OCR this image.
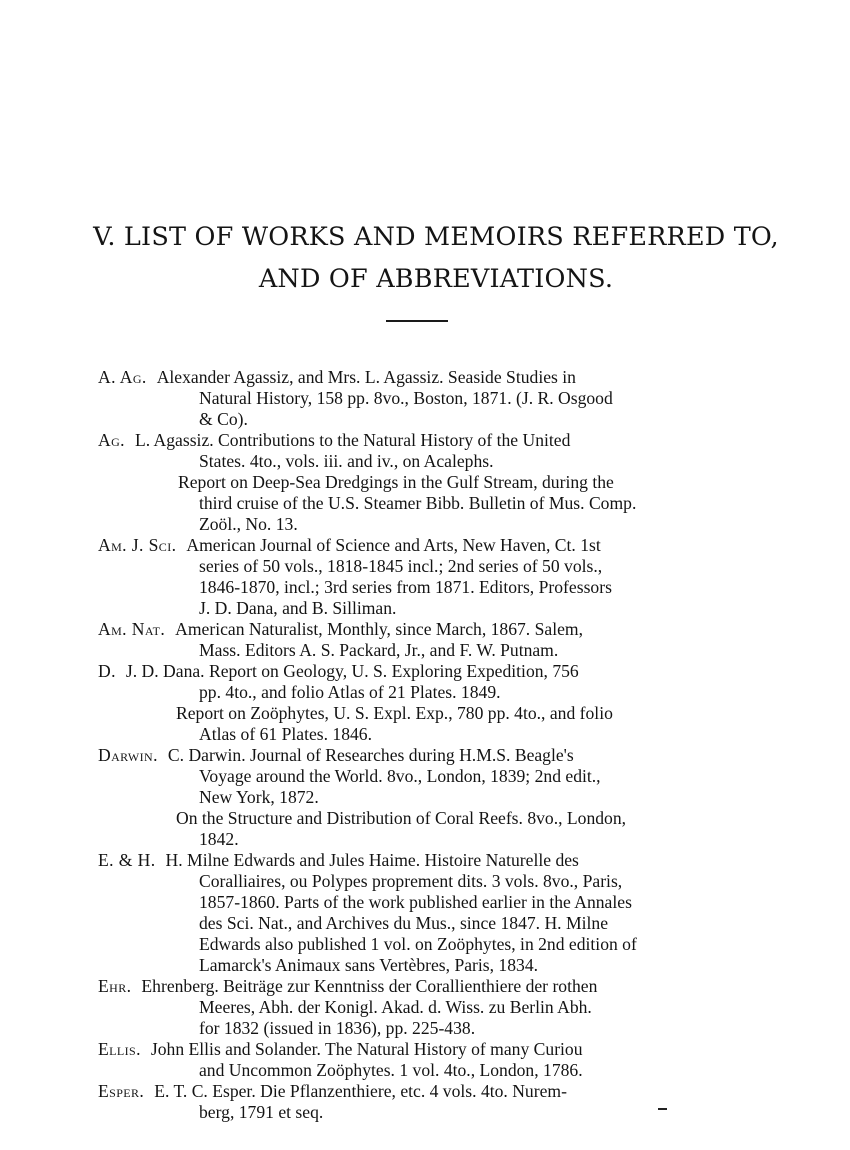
V. LIST OF WORKS AND MEMOIRS REFERRED TO,
AND OF ABBREVIATIONS.
A. Ag. Alexander Agassiz, and Mrs. L. Agassiz. Seaside Studies in
Natural History, 158 pp. 8vo., Boston, 1871. (J. R. Osgood
& Co).
Ag. L. Agassiz. Contributions to the Natural History of the United
States. 4to., vols. iii. and iv., on Acalephs.
Report on Deep-Sea Dredgings in the Gulf Stream, during the
third cruise of the U.S. Steamer Bibb. Bulletin of Mus. Comp.
Zoöl., No. 13.
Am. J. Sci. American Journal of Science and Arts, New Haven, Ct. 1st
series of 50 vols., 1818-1845 incl.; 2nd series of 50 vols.,
1846-1870, incl.; 3rd series from 1871. Editors, Professors
J. D. Dana, and B. Silliman.
Am. Nat. American Naturalist, Monthly, since March, 1867. Salem,
Mass. Editors A. S. Packard, Jr., and F. W. Putnam.
D. J. D. Dana. Report on Geology, U. S. Exploring Expedition, 756
pp. 4to., and folio Atlas of 21 Plates. 1849.
Report on Zoöphytes, U. S. Expl. Exp., 780 pp. 4to., and folio
Atlas of 61 Plates. 1846.
Darwin. C. Darwin. Journal of Researches during H.M.S. Beagle's
Voyage around the World. 8vo., London, 1839; 2nd edit.,
New York, 1872.
On the Structure and Distribution of Coral Reefs. 8vo., London,
1842.
E. & H. H. Milne Edwards and Jules Haime. Histoire Naturelle des
Coralliaires, ou Polypes proprement dits. 3 vols. 8vo., Paris,
1857-1860. Parts of the work published earlier in the Annales
des Sci. Nat., and Archives du Mus., since 1847. H. Milne
Edwards also published 1 vol. on Zoöphytes, in 2nd edition of
Lamarck's Animaux sans Vertèbres, Paris, 1834.
Ehr. Ehrenberg. Beiträge zur Kenntniss der Corallienthiere der rothen
Meeres, Abh. der Konigl. Akad. d. Wiss. zu Berlin Abh.
for 1832 (issued in 1836), pp. 225-438.
Ellis. John Ellis and Solander. The Natural History of many Curiou
and Uncommon Zoöphytes. 1 vol. 4to., London, 1786.
Esper. E. T. C. Esper. Die Pflanzenthiere, etc. 4 vols. 4to. Nurem-
berg, 1791 et seq.
